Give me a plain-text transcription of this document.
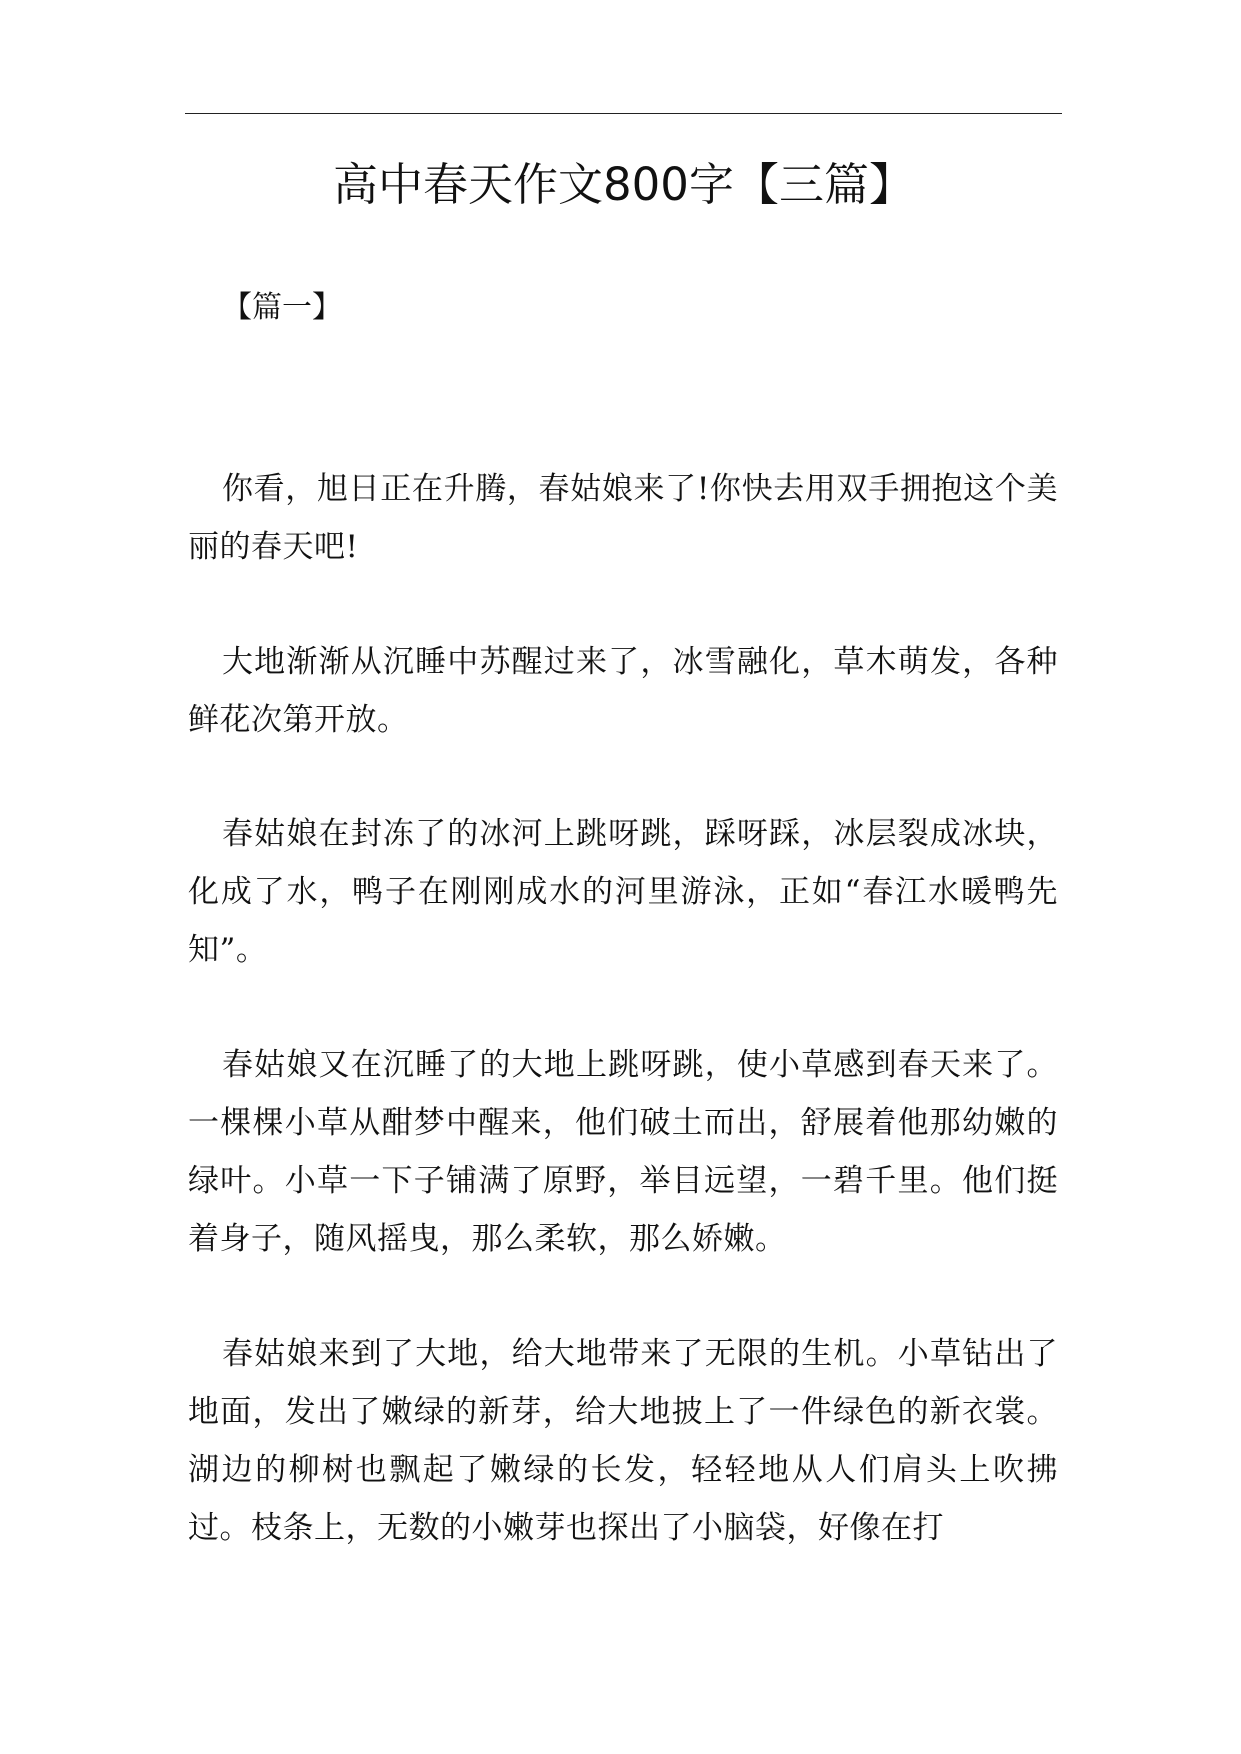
高中春天作文800字【三篇】
【篇一】

你看，旭日正在升腾，春姑娘来了!你快去用双手拥抱这个美丽的春天吧!

大地渐渐从沉睡中苏醒过来了，冰雪融化，草木萌发，各种鲜花次第开放。

春姑娘在封冻了的冰河上跳呀跳，踩呀踩，冰层裂成冰块，化成了水，鸭子在刚刚成水的河里游泳，正如“春江水暖鸭先知”。

春姑娘又在沉睡了的大地上跳呀跳，使小草感到春天来了。一棵棵小草从酣梦中醒来，他们破土而出，舒展着他那幼嫩的绿叶。小草一下子铺满了原野，举目远望，一碧千里。他们挺着身子，随风摇曳，那么柔软，那么娇嫩。

春姑娘来到了大地，给大地带来了无限的生机。小草钻出了地面，发出了嫩绿的新芽，给大地披上了一件绿色的新衣裳。湖边的柳树也飘起了嫩绿的长发，轻轻地从人们肩头上吹拂过。枝条上，无数的小嫩芽也探出了小脑袋，好像在打
